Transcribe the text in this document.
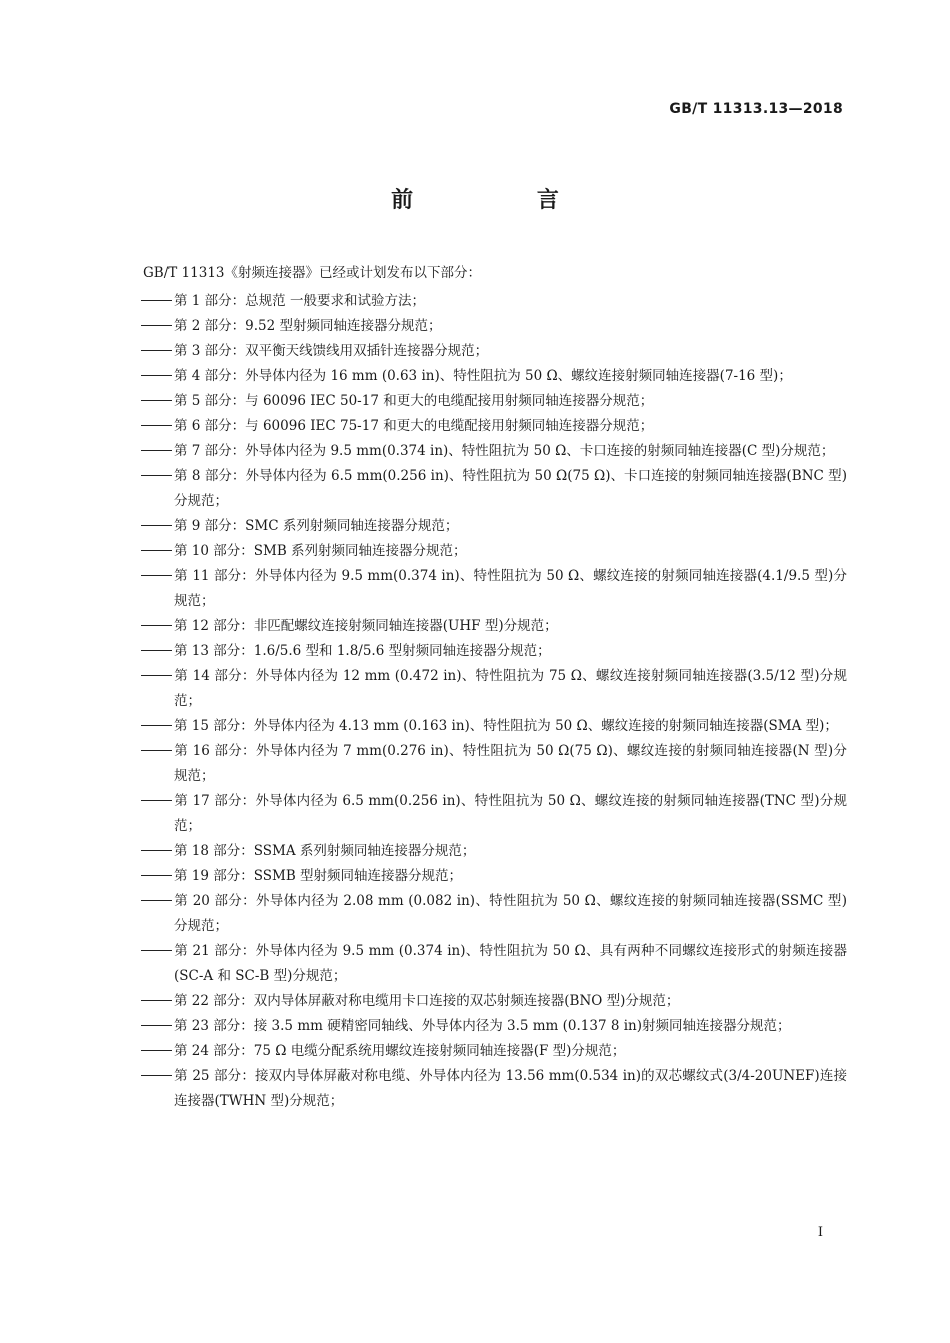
GB/T 11313.13—2018
前 言
GB/T 11313《射频连接器》已经或计划发布以下部分：
第 1 部分：总规范 一般要求和试验方法；
第 2 部分：9.52 型射频同轴连接器分规范；
第 3 部分：双平衡天线馈线用双插针连接器分规范；
第 4 部分：外导体内径为 16 mm (0.63 in)、特性阻抗为 50 Ω、螺纹连接射频同轴连接器(7-16 型)；
第 5 部分：与 60096 IEC 50-17 和更大的电缆配接用射频同轴连接器分规范；
第 6 部分：与 60096 IEC 75-17 和更大的电缆配接用射频同轴连接器分规范；
第 7 部分：外导体内径为 9.5 mm(0.374 in)、特性阻抗为 50 Ω、卡口连接的射频同轴连接器(C 型)分规范；
第 8 部分：外导体内径为 6.5 mm(0.256 in)、特性阻抗为 50 Ω(75 Ω)、卡口连接的射频同轴连接器(BNC 型)分规范；
第 9 部分：SMC 系列射频同轴连接器分规范；
第 10 部分：SMB 系列射频同轴连接器分规范；
第 11 部分：外导体内径为 9.5 mm(0.374 in)、特性阻抗为 50 Ω、螺纹连接的射频同轴连接器(4.1/9.5 型)分规范；
第 12 部分：非匹配螺纹连接射频同轴连接器(UHF 型)分规范；
第 13 部分：1.6/5.6 型和 1.8/5.6 型射频同轴连接器分规范；
第 14 部分：外导体内径为 12 mm (0.472 in)、特性阻抗为 75 Ω、螺纹连接射频同轴连接器(3.5/12 型)分规范；
第 15 部分：外导体内径为 4.13 mm (0.163 in)、特性阻抗为 50 Ω、螺纹连接的射频同轴连接器(SMA 型)；
第 16 部分：外导体内径为 7 mm(0.276 in)、特性阻抗为 50 Ω(75 Ω)、螺纹连接的射频同轴连接器(N 型)分规范；
第 17 部分：外导体内径为 6.5 mm(0.256 in)、特性阻抗为 50 Ω、螺纹连接的射频同轴连接器(TNC 型)分规范；
第 18 部分：SSMA 系列射频同轴连接器分规范；
第 19 部分：SSMB 型射频同轴连接器分规范；
第 20 部分：外导体内径为 2.08 mm (0.082 in)、特性阻抗为 50 Ω、螺纹连接的射频同轴连接器(SSMC 型)分规范；
第 21 部分：外导体内径为 9.5 mm (0.374 in)、特性阻抗为 50 Ω、具有两种不同螺纹连接形式的射频连接器(SC-A 和 SC-B 型)分规范；
第 22 部分：双内导体屏蔽对称电缆用卡口连接的双芯射频连接器(BNO 型)分规范；
第 23 部分：接 3.5 mm 硬精密同轴线、外导体内径为 3.5 mm (0.137 8 in)射频同轴连接器分规范；
第 24 部分：75 Ω 电缆分配系统用螺纹连接射频同轴连接器(F 型)分规范；
第 25 部分：接双内导体屏蔽对称电缆、外导体内径为 13.56 mm(0.534 in)的双芯螺纹式(3/4-20UNEF)连接连接器(TWHN 型)分规范；
I
